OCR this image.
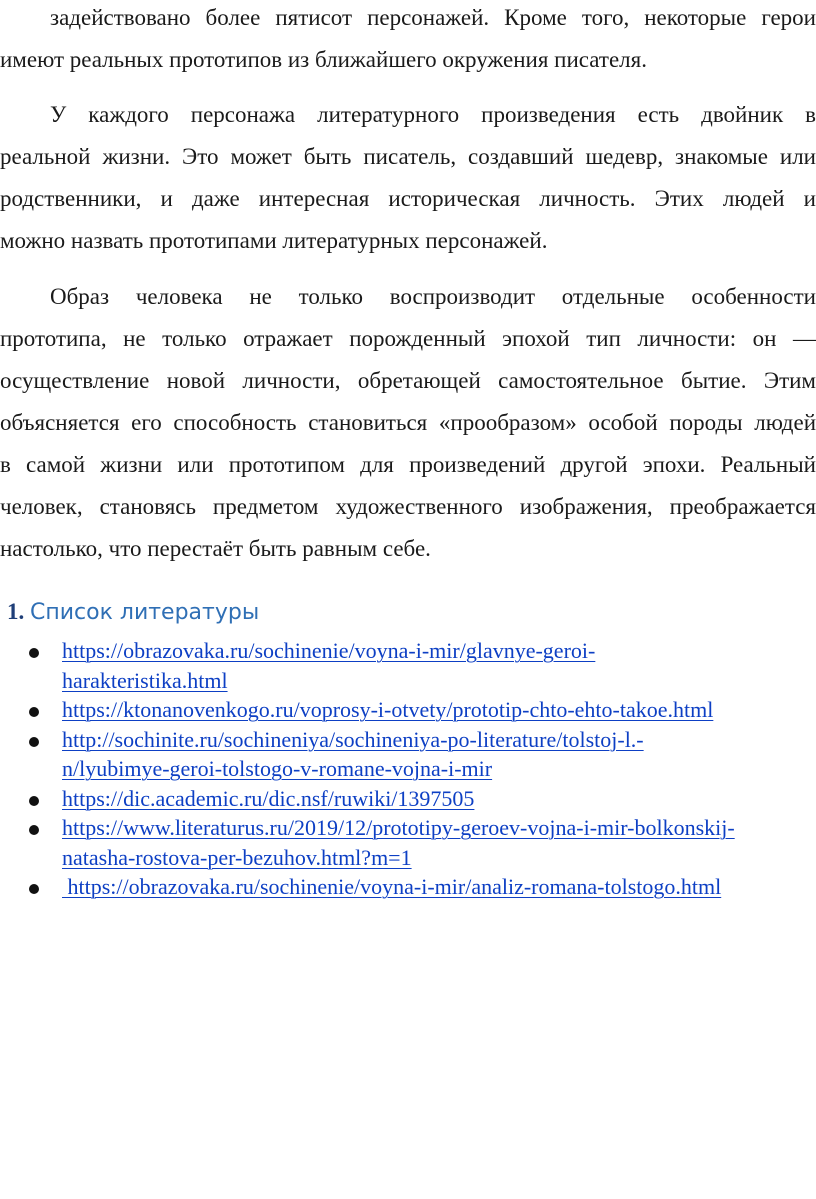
задействовано более пятисот персонажей. Кроме того, некоторые герои
имеют реальных прототипов из ближайшего окружения писателя.
У каждого персонажа литературного произведения есть двойник в
реальной жизни. Это может быть писатель, создавший шедевр, знакомые или
родственники, и даже интересная историческая личность. Этих людей и
можно назвать прототипами литературных персонажей.
Образ человека не только воспроизводит отдельные особенности
прототипа, не только отражает порожденный эпохой тип личности: он —
осуществление новой личности, обретающей самостоятельное бытие. Этим
объясняется его способность становиться «прообразом» особой породы людей
в самой жизни или прототипом для произведений другой эпохи. Реальный
человек, становясь предметом художественного изображения, преображается
настолько, что перестаёт быть равным себе.
1. Список литературы
https://obrazovaka.ru/sochinenie/voyna-i-mir/glavnye-geroi-
harakteristika.html
https://ktonanovenkogo.ru/voprosy-i-otvety/prototip-chto-ehto-takoe.html
http://sochinite.ru/sochineniya/sochineniya-po-literature/tolstoj-l.-
n/lyubimye-geroi-tolstogo-v-romane-vojna-i-mir
https://dic.academic.ru/dic.nsf/ruwiki/1397505
https://www.literaturus.ru/2019/12/prototipy-geroev-vojna-i-mir-bolkonskij-
natasha-rostova-per-bezuhov.html?m=1
https://obrazovaka.ru/sochinenie/voyna-i-mir/analiz-romana-tolstogo.html
